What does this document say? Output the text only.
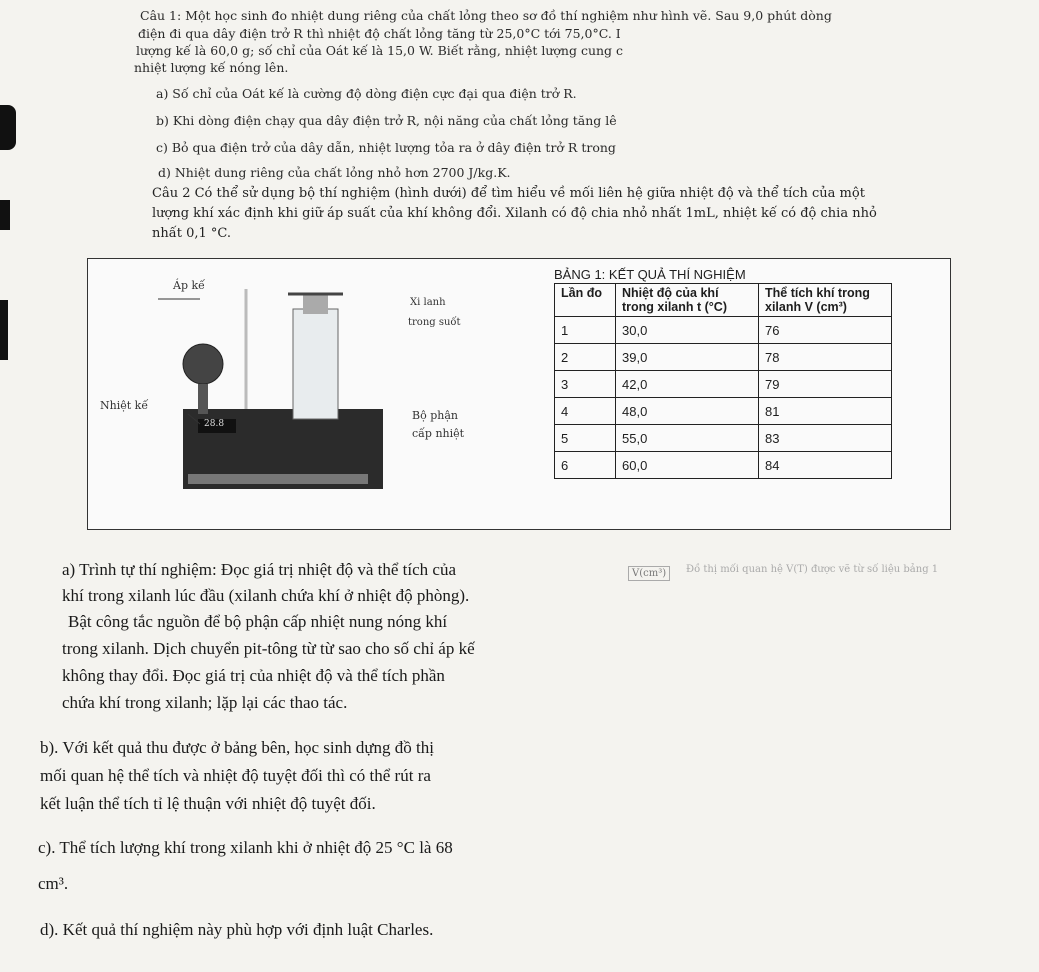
Câu 1: Một học sinh đo nhiệt dung riêng của chất lỏng theo sơ đồ thí nghiệm như hình vẽ. Sau 9,0 phút dòng
điện đi qua dây điện trở R thì nhiệt độ chất lỏng tăng từ 25,0°C tới 75,0°C. I
lượng kế là 60,0 g; số chỉ của Oát kế là 15,0 W. Biết rằng, nhiệt lượng cung c
nhiệt lượng kế nóng lên.
a) Số chỉ của Oát kế là cường độ dòng điện cực đại qua điện trở R.
b) Khi dòng điện chạy qua dây điện trở R, nội năng của chất lỏng tăng lê
c) Bỏ qua điện trở của dây dẫn, nhiệt lượng tỏa ra ở dây điện trở R trong
d) Nhiệt dung riêng của chất lỏng nhỏ hơn 2700 J/kg.K.
Câu 2 Có thể sử dụng bộ thí nghiệm (hình dưới) để tìm hiểu về mối liên hệ giữa nhiệt độ và thể tích của một
lượng khí xác định khi giữ áp suất của khí không đổi. Xilanh có độ chia nhỏ nhất 1mL, nhiệt kế có độ chia nhỏ
nhất 0,1 °C.
Áp kế
Nhiệt kế
28.8
Xi lanh
trong suốt
Bộ phận
cấp nhiệt
BẢNG 1: KẾT QUẢ THÍ NGHIỆM
Lần đo	Nhiệt độ của khí trong xilanh t (°C)	Thể tích khí trong xilanh V (cm³)
1	30,0	76
2	39,0	78
3	42,0	79
4	48,0	81
5	55,0	83
6	60,0	84
a) Trình tự thí nghiệm: Đọc giá trị nhiệt độ và thể tích của
khí trong xilanh lúc đầu (xilanh chứa khí ở nhiệt độ phòng).
Bật công tắc nguồn để bộ phận cấp nhiệt nung nóng khí
trong xilanh. Dịch chuyển pit-tông từ từ sao cho số chỉ áp kế
không thay đổi. Đọc giá trị của nhiệt độ và thể tích phần
chứa khí trong xilanh; lặp lại các thao tác.
b). Với kết quả thu được ở bảng bên, học sinh dựng đồ thị
mối quan hệ thể tích và nhiệt độ tuyệt đối thì có thể rút ra
kết luận thể tích tỉ lệ thuận với nhiệt độ tuyệt đối.
c). Thể tích lượng khí trong xilanh khi ở nhiệt độ 25 °C là 68
cm³.
d). Kết quả thí nghiệm này phù hợp với định luật Charles.
V(cm³)	Đồ thị mối quan hệ V(T) được vẽ từ số liệu bảng 1
